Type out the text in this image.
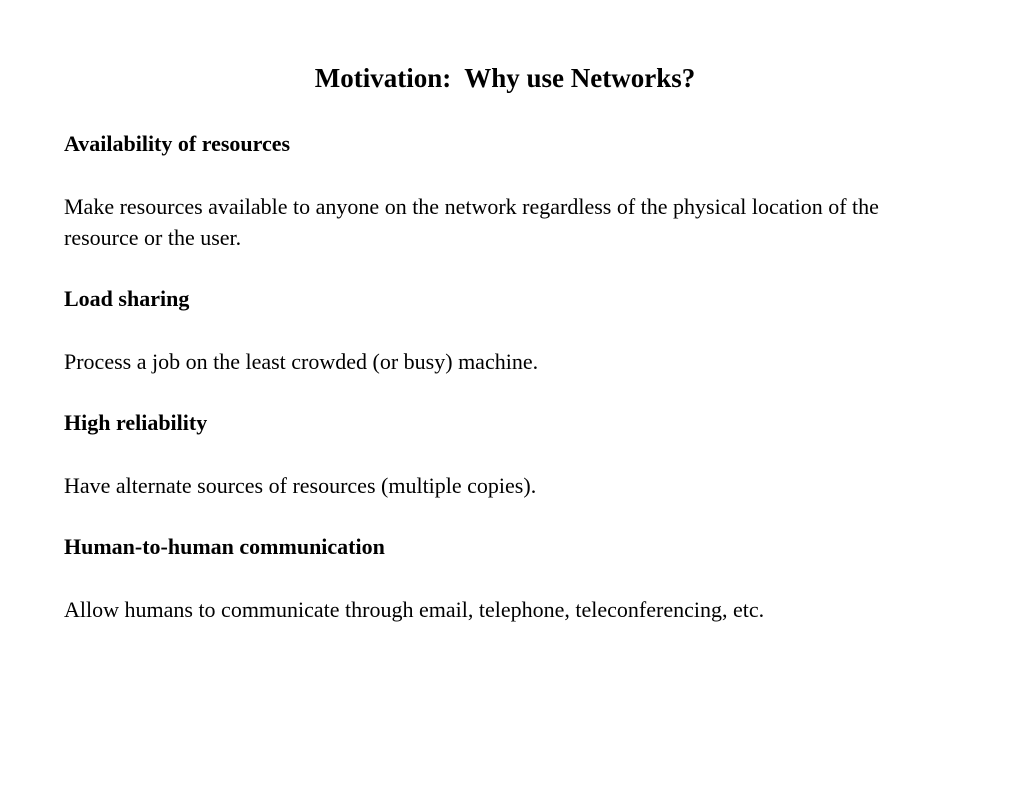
Motivation:  Why use Networks?
Availability of resources
Make resources available to anyone on the network regardless of the physical location of the resource or the user.
Load sharing
Process a job on the least crowded (or busy) machine.
High reliability
Have alternate sources of resources (multiple copies).
Human-to-human communication
Allow humans to communicate through email, telephone, teleconferencing, etc.
